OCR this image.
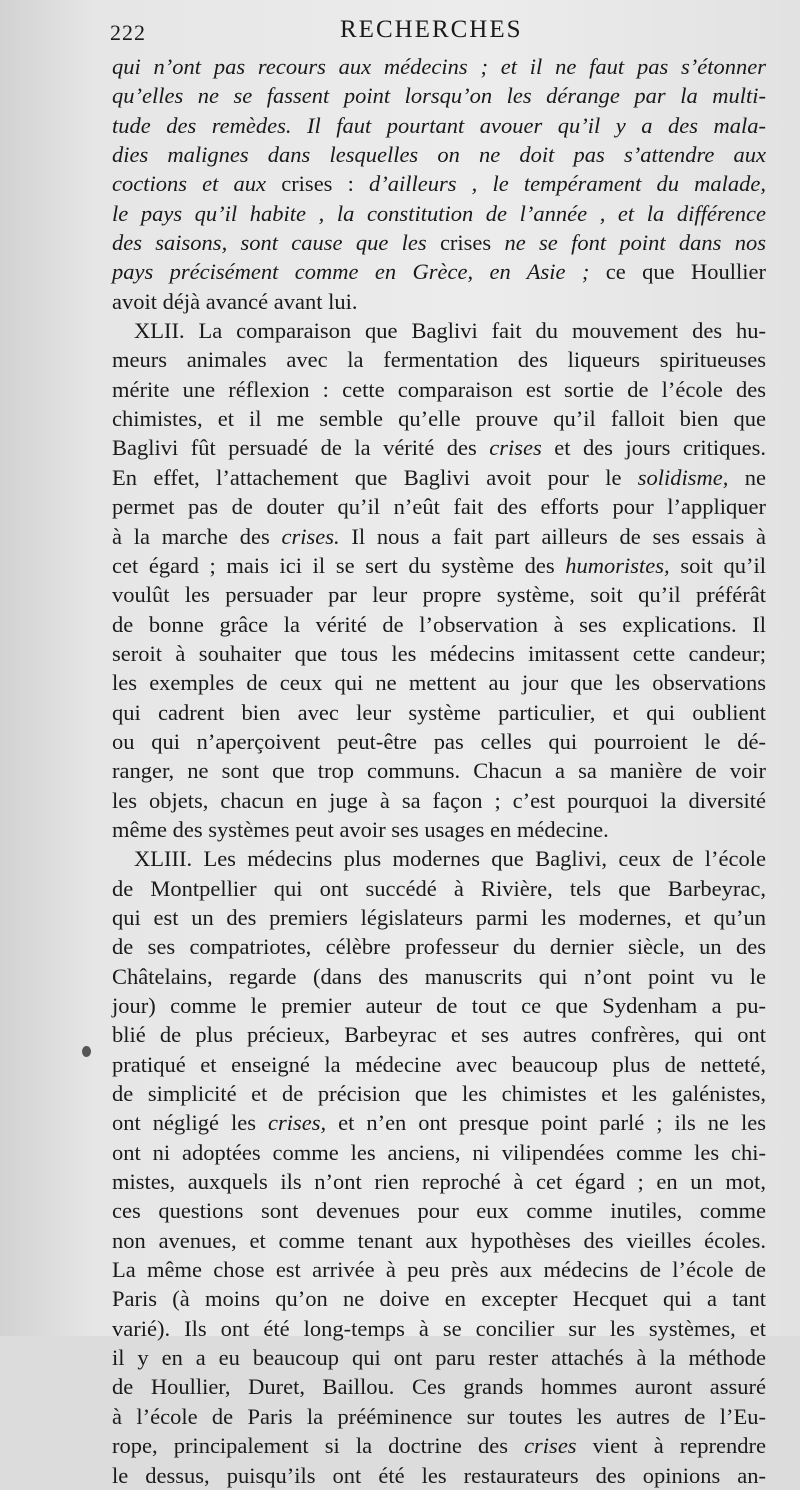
222	RECHERCHES
qui n’ont pas recours aux médecins ; et il ne faut pas s’étonner
qu’elles ne se fassent point lorsqu’on les dérange par la multi-
tude des remèdes. Il faut pourtant avouer qu’il y a des mala-
dies malignes dans lesquelles on ne doit pas s’attendre aux
coctions et aux crises : d’ailleurs , le tempérament du malade,
le pays qu’il habite , la constitution de l’année , et la différence
des saisons, sont cause que les crises ne se font point dans nos
pays précisément comme en Grèce, en Asie ; ce que Houllier
avoit déjà avancé avant lui.
XLII. La comparaison que Baglivi fait du mouvement des hu-
meurs animales avec la fermentation des liqueurs spiritueuses
mérite une réflexion : cette comparaison est sortie de l’école des
chimistes, et il me semble qu’elle prouve qu’il falloit bien que
Baglivi fût persuadé de la vérité des crises et des jours critiques.
En effet, l’attachement que Baglivi avoit pour le solidisme, ne
permet pas de douter qu’il n’eût fait des efforts pour l’appliquer
à la marche des crises. Il nous a fait part ailleurs de ses essais à
cet égard ; mais ici il se sert du système des humoristes, soit qu’il
voulût les persuader par leur propre système, soit qu’il préférât
de bonne grâce la vérité de l’observation à ses explications. Il
seroit à souhaiter que tous les médecins imitassent cette candeur;
les exemples de ceux qui ne mettent au jour que les observations
qui cadrent bien avec leur système particulier, et qui oublient
ou qui n’aperçoivent peut-être pas celles qui pourroient le dé-
ranger, ne sont que trop communs. Chacun a sa manière de voir
les objets, chacun en juge à sa façon ; c’est pourquoi la diversité
même des systèmes peut avoir ses usages en médecine.
XLIII. Les médecins plus modernes que Baglivi, ceux de l’école
de Montpellier qui ont succédé à Rivière, tels que Barbeyrac,
qui est un des premiers législateurs parmi les modernes, et qu’un
de ses compatriotes, célèbre professeur du dernier siècle, un des
Châtelains, regarde (dans des manuscrits qui n’ont point vu le
jour) comme le premier auteur de tout ce que Sydenham a pu-
blié de plus précieux, Barbeyrac et ses autres confrères, qui ont
pratiqué et enseigné la médecine avec beaucoup plus de netteté,
de simplicité et de précision que les chimistes et les galénistes,
ont négligé les crises, et n’en ont presque point parlé ; ils ne les
ont ni adoptées comme les anciens, ni vilipendées comme les chi-
mistes, auxquels ils n’ont rien reproché à cet égard ; en un mot,
ces questions sont devenues pour eux comme inutiles, comme
non avenues, et comme tenant aux hypothèses des vieilles écoles.
La même chose est arrivée à peu près aux médecins de l’école de
Paris (à moins qu’on ne doive en excepter Hecquet qui a tant
varié). Ils ont été long-temps à se concilier sur les systèmes, et
il y en a eu beaucoup qui ont paru rester attachés à la méthode
de Houllier, Duret, Baillou. Ces grands hommes auront assuré
à l’école de Paris la prééminence sur toutes les autres de l’Eu-
rope, principalement si la doctrine des crises vient à reprendre
le dessus, puisqu’ils ont été les restaurateurs des opinions an-
